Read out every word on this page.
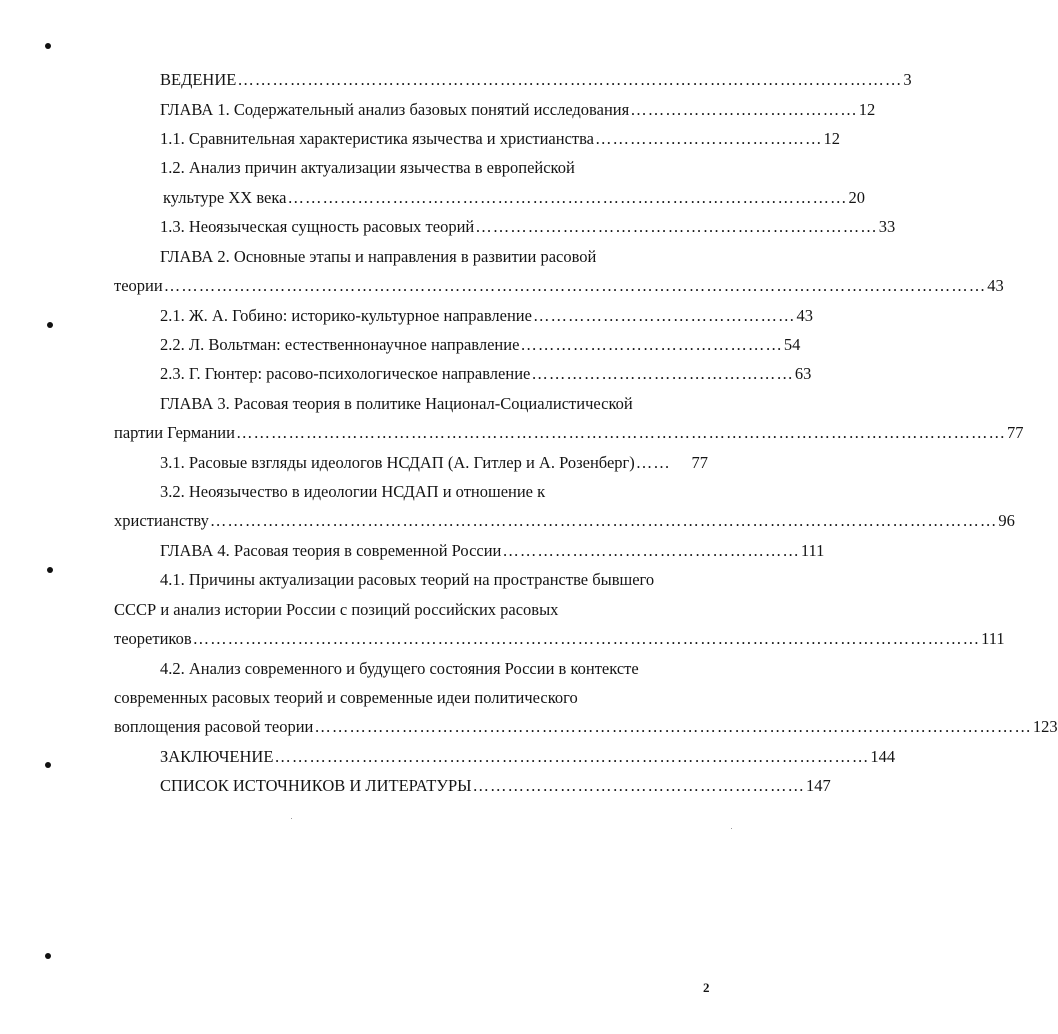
ВЕДЕНИЕ …………………………………………………………………………………………………… 3
ГЛАВА 1. Содержательный анализ базовых понятий исследования ………………………………… 12
1.1. Сравнительная характеристика язычества и христианства ………………………………… 12
1.2. Анализ причин актуализации язычества в европейской
культуре XX века …………………………………………………………………………………… 20
1.3. Неоязыческая сущность расовых теорий …………………………………………………………… 33
ГЛАВА 2. Основные этапы и направления в развитии расовой
теории …………………………………………………………………………………………………………………………… 43
2.1. Ж. А. Гобино: историко-культурное направление ……………………………………… 43
2.2. Л. Вольтман: естественнонаучное направление ……………………………………… 54
2.3. Г. Гюнтер: расово-психологическое направление ……………………………………… 63
ГЛАВА 3. Расовая теория в политике Национал-Социалистической
партии Германии …………………………………………………………………………………………………………………… 77
3.1. Расовые взгляды идеологов НСДАП (А. Гитлер и А. Розенберг) ……	77
3.2. Неоязычество в идеологии НСДАП и отношение к
христианству ……………………………………………………………………………………………………………………… 96
ГЛАВА 4. Расовая теория в современной России …………………………………………… 111
4.1. Причины актуализации расовых теорий на пространстве бывшего
СССР и анализ истории России с позиций российских расовых
теоретиков ……………………………………………………………………………………………………………………… 111
4.2. Анализ современного и будущего состояния России в контексте
современных расовых теорий и современные идеи политического
воплощения расовой теории …………………………………………………………………………………………………………… 123
ЗАКЛЮЧЕНИЕ ………………………………………………………………………………………… 144
СПИСОК ИСТОЧНИКОВ И ЛИТЕРАТУРЫ ………………………………………………… 147
2
